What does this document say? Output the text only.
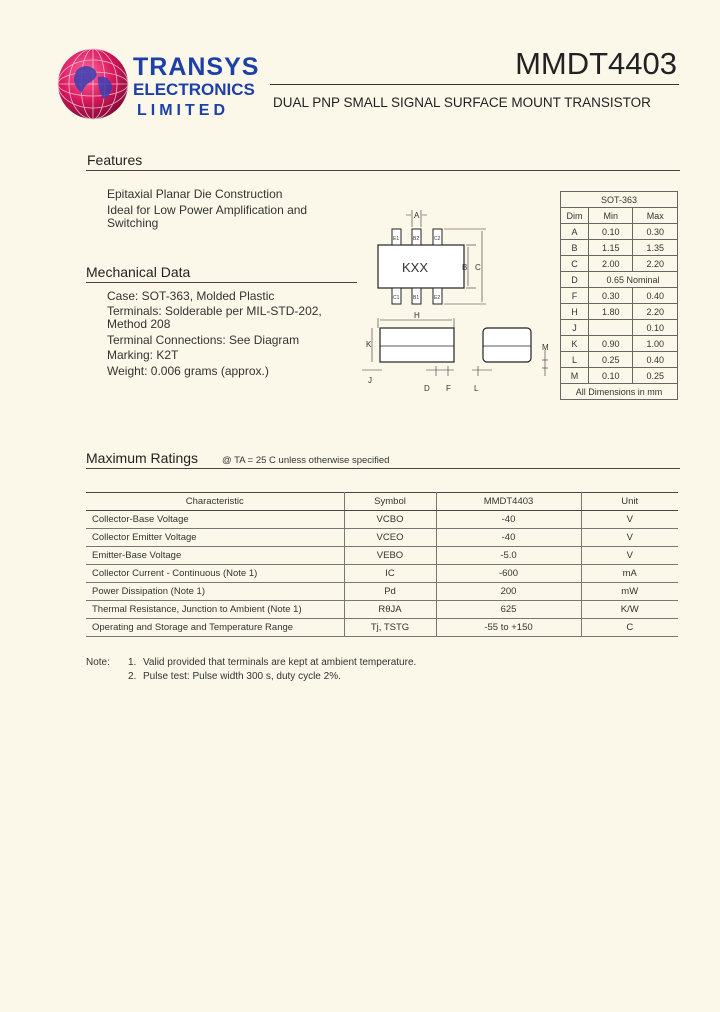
TRANSYS
ELECTRONICS
LIMITED
MMDT4403
DUAL PNP SMALL SIGNAL SURFACE MOUNT TRANSISTOR
Features
Epitaxial Planar Die Construction
Ideal for Low Power Amplification and
Switching
Mechanical Data
Case: SOT-363, Molded Plastic
Terminals: Solderable per MIL-STD-202,
Method 208
Terminal Connections: See Diagram
Marking: K2T
Weight: 0.006 grams (approx.)
KXX
E1	B2	C2
C1	B1	E2
A
B C
H
K
J
D F	L
M
SOT-363		
Dim	Min	Max
A	0.10	0.30
B	1.15	1.35
C	2.00	2.20
D	0.65 Nominal	
F	0.30	0.40
H	1.80	2.20
J		0.10
K	0.90	1.00
L	0.25	0.40
M	0.10	0.25
All Dimensions in mm		
Maximum Ratings	@ TA = 25 C unless otherwise specified
Characteristic	Symbol	MMDT4403	Unit
Collector-Base Voltage	VCBO	-40	V
Collector Emitter Voltage	VCEO	-40	V
Emitter-Base Voltage	VEBO	-5.0	V
Collector Current - Continuous (Note 1)	IC	-600	mA
Power Dissipation (Note 1)	Pd	200	mW
Thermal Resistance, Junction to Ambient (Note 1)	RθJA	625	K/W
Operating and Storage and Temperature Range	Tj, TSTG	-55 to +150	C
Note: 1. Valid provided that terminals are kept at ambient temperature.
2. Pulse test: Pulse width 300 s, duty cycle 2%.
